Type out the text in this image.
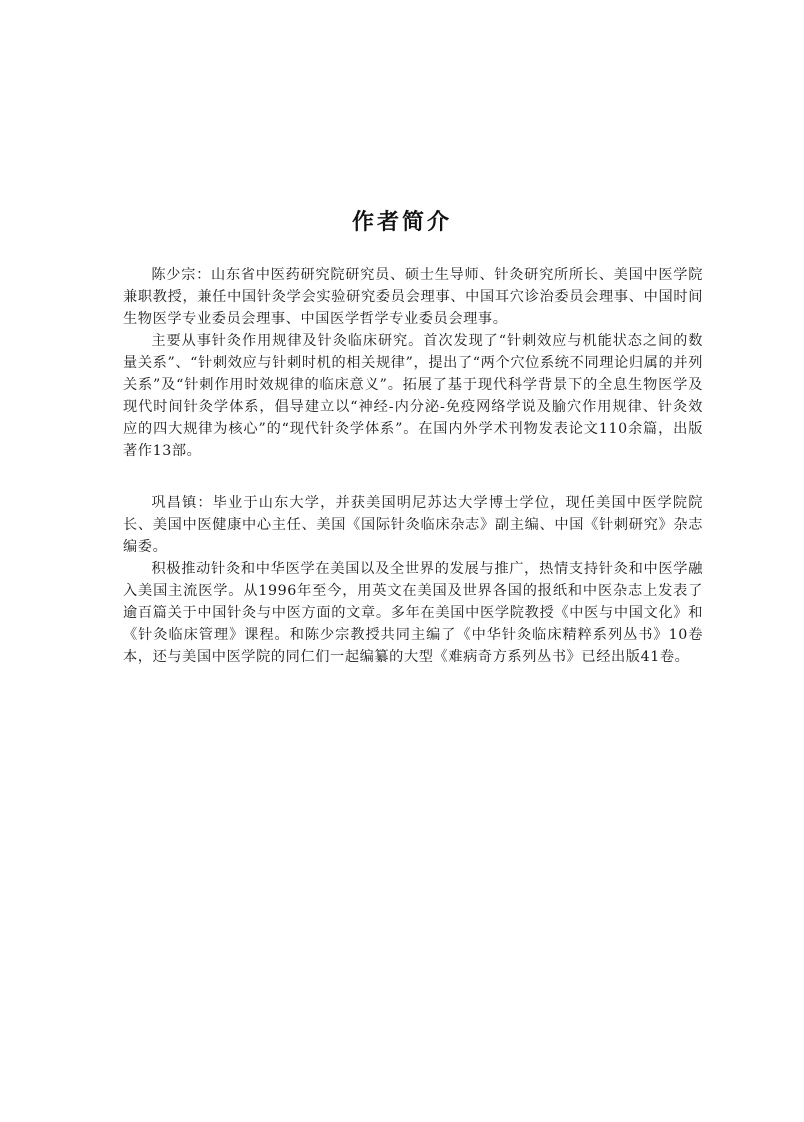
作者简介

陈少宗：山东省中医药研究院研究员、硕士生导师、针灸研究所所长、美国中医学院兼职教授，兼任中国针灸学会实验研究委员会理事、中国耳穴诊治委员会理事、中国时间生物医学专业委员会理事、中国医学哲学专业委员会理事。

主要从事针灸作用规律及针灸临床研究。首次发现了“针刺效应与机能状态之间的数量关系”、“针刺效应与针刺时机的相关规律”，提出了“两个穴位系统不同理论归属的并列关系”及“针刺作用时效规律的临床意义”。拓展了基于现代科学背景下的全息生物医学及现代时间针灸学体系，倡导建立以“神经-内分泌-免疫网络学说及腧穴作用规律、针灸效应的四大规律为核心”的“现代针灸学体系”。在国内外学术刊物发表论文110余篇，出版著作13部。

巩昌镇：毕业于山东大学，并获美国明尼苏达大学博士学位，现任美国中医学院院长、美国中医健康中心主任、美国《国际针灸临床杂志》副主编、中国《针刺研究》杂志编委。

积极推动针灸和中华医学在美国以及全世界的发展与推广，热情支持针灸和中医学融入美国主流医学。从1996年至今，用英文在美国及世界各国的报纸和中医杂志上发表了逾百篇关于中国针灸与中医方面的文章。多年在美国中医学院教授《中医与中国文化》和《针灸临床管理》课程。和陈少宗教授共同主编了《中华针灸临床精粹系列丛书》10卷本，还与美国中医学院的同仁们一起编纂的大型《难病奇方系列丛书》已经出版41卷。
